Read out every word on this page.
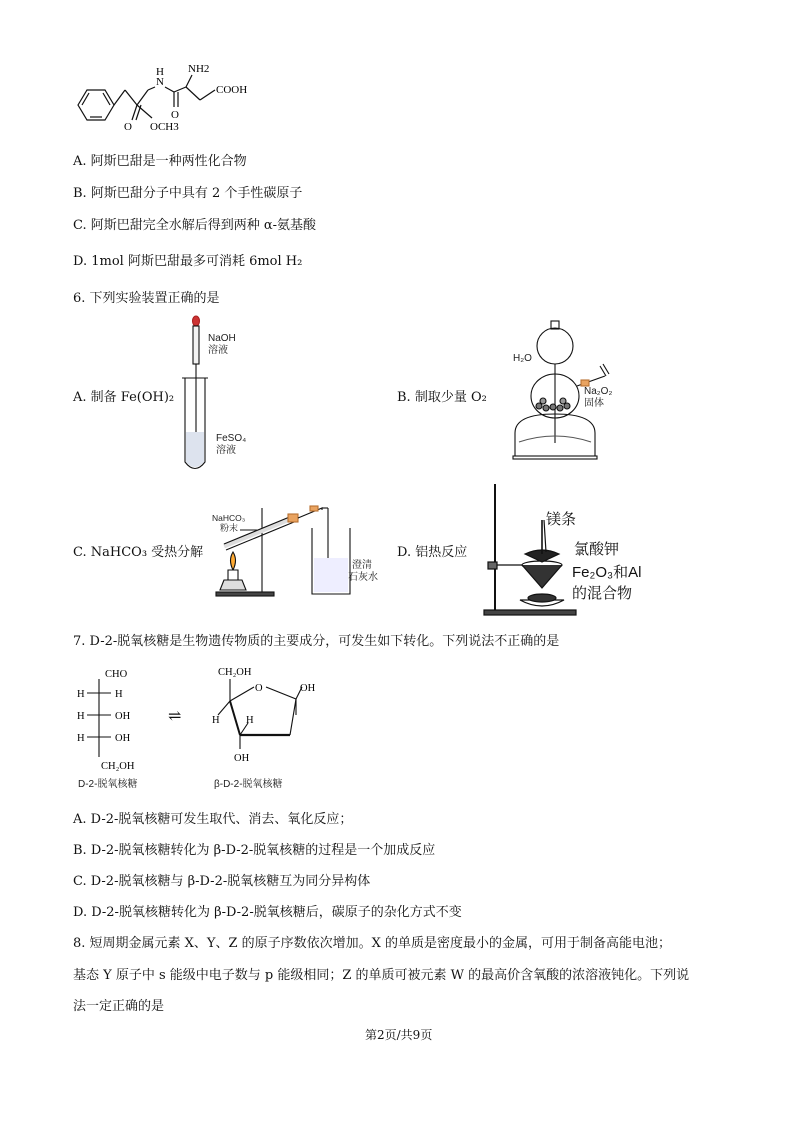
N
H NH2
O
COOH
O OCH3
A. 阿斯巴甜是一种两性化合物
B. 阿斯巴甜分子中具有 2 个手性碳原子
C. 阿斯巴甜完全水解后得到两种 α-氨基酸
D. 1mol 阿斯巴甜最多可消耗 6mol H₂
6. 下列实验装置正确的是
NaOH
溶液
A. 制备 Fe(OH)₂
FeSO₄
溶液
H₂O
B. 制取少量 O₂	Na₂O₂
固体
NaHCO₃
粉末
C. NaHCO₃ 受热分解
澄清
石灰水
D. 铝热反应
镁条
氯酸钾
Fe₂O₃和Al
的混合物
7. D-2-脱氧核糖是生物遗传物质的主要成分，可发生如下转化。下列说法不正确的是
CHO
H	H
H	OH
H	OH
CH₂OH
D-2-脱氧核糖
⇌
CH₂OH
O	OH
H	H
OH
β-D-2-脱氧核糖
A. D-2-脱氧核糖可发生取代、消去、氧化反应；
B. D-2-脱氧核糖转化为 β-D-2-脱氧核糖的过程是一个加成反应
C. D-2-脱氧核糖与 β-D-2-脱氧核糖互为同分异构体
D. D-2-脱氧核糖转化为 β-D-2-脱氧核糖后，碳原子的杂化方式不变
8. 短周期金属元素 X、Y、Z 的原子序数依次增加。X 的单质是密度最小的金属，可用于制备高能电池；
基态 Y 原子中 s 能级中电子数与 p 能级相同；Z 的单质可被元素 W 的最高价含氧酸的浓溶液钝化。下列说
法一定正确的是
第2页/共9页
